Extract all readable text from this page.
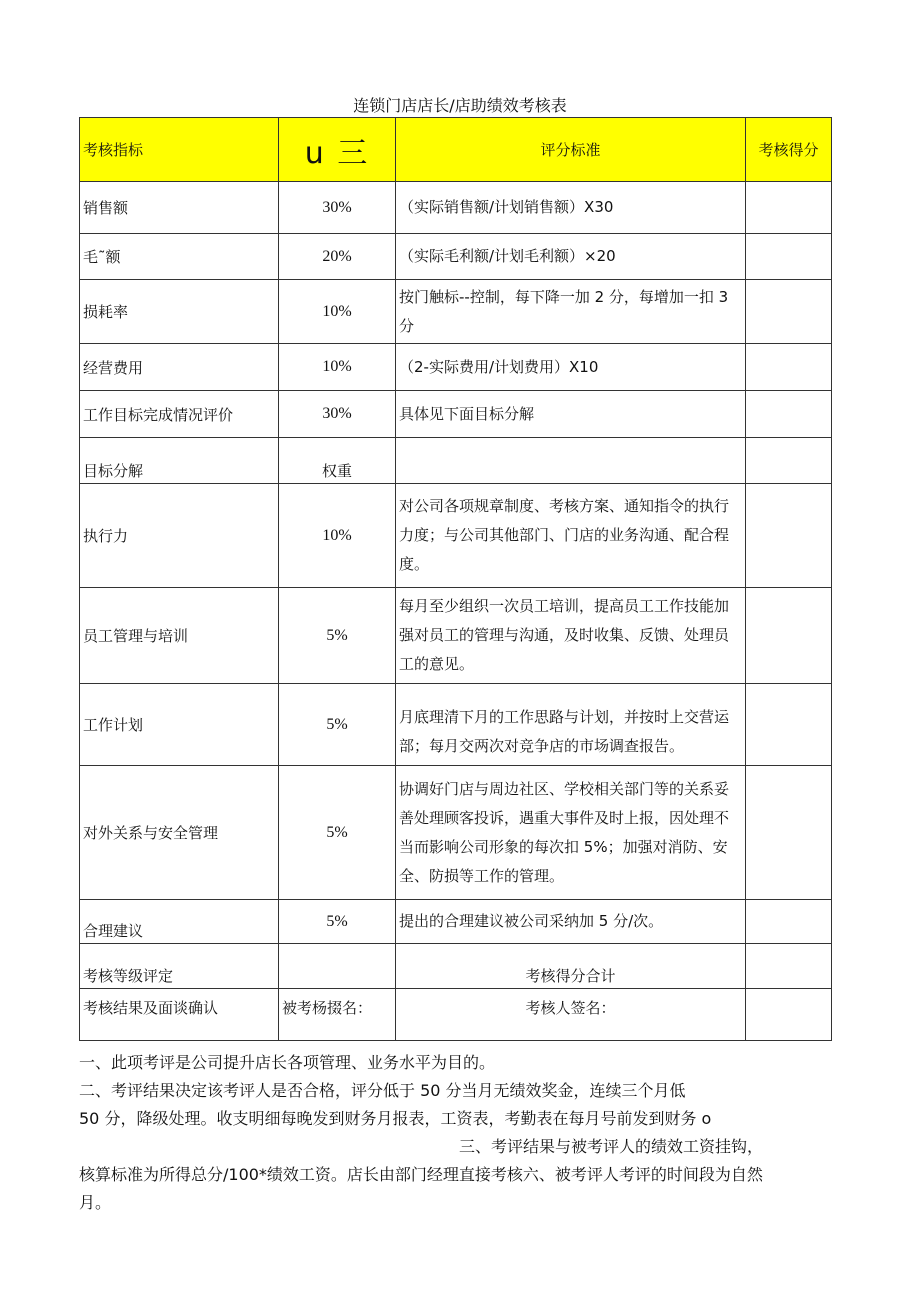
连锁门店店长/店助绩效考核表
考核指标	u 三	评分标准	考核得分
销售额	30%	（实际销售额/计划销售额）X30	
毛˜额	20%	（实际毛利额/计划毛利额）×20	
损耗率	10%	按门触标--控制，每下降一加 2 分，每增加一扣 3 分	
经营费用	10%	（2-实际费用/计划费用）X10	
工作目标完成情况评价	30%	具体见下面目标分解	
目标分解	权重		
执行力	10%	对公司各项规章制度、考核方案、通知指令的执行力度；与公司其他部门、门店的业务沟通、配合程度。	
员工管理与培训	5%	每月至少组织一次员工培训，提高员工工作技能加强对员工的管理与沟通，及时收集、反馈、处理员工的意见。	
工作计划	5%	月底理清下月的工作思路与计划，并按时上交营运部；每月交两次对竞争店的市场调查报告。	
对外关系与安全管理	5%	协调好门店与周边社区、学校相关部门等的关系妥善处理顾客投诉，遇重大事件及时上报，因处理不当而影响公司形象的每次扣 5%；加强对消防、安全、防损等工作的管理。	
合理建议	5%	提出的合理建议被公司采纳加 5 分/次。	
考核等级评定		考核得分合计	
考核结果及面谈确认	被考杨掇名：	考核人签名：	

一、此项考评是公司提升店长各项管理、业务水平为目的。

二、考评结果决定该考评人是否合格，评分低于 50 分当月无绩效奖金，连续三个月低

50 分，降级处理。收支明细每晚发到财务月报表，工资表，考勤表在每月号前发到财务 o

三、考评结果与被考评人的绩效工资挂钩，

核算标准为所得总分/100*绩效工资。店长由部门经理直接考核六、被考评人考评的时间段为自然

月。
